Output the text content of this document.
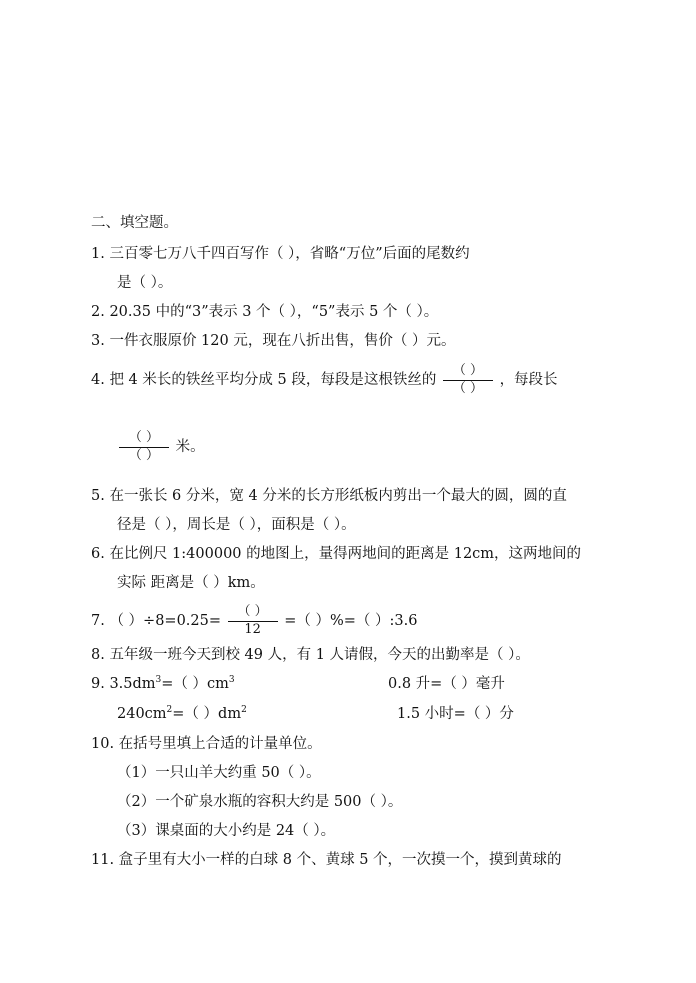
二、填空题。
1. 三百零七万八千四百写作（ ），省略“万位”后面的尾数约
是（ ）。
2. 20.35 中的“3”表示 3 个（ ），“5”表示 5 个（ ）。
3. 一件衣服原价 120 元，现在八折出售，售价（ ）元。
4. 把 4 米长的铁丝平均分成 5 段，每段是这根铁丝的 $\frac{( )}{( )}$ ，每段长
$\frac{( )}{( )}$ 米。
5. 在一张长 6 分米，宽 4 分米的长方形纸板内剪出一个最大的圆，圆的直
径是（ ），周长是（ ），面积是（ ）。
6. 在比例尺 1:400000 的地图上，量得两地间的距离是 12cm，这两地间的
实际 距离是（ ）km。
7. （ ）$\div 8=0.25= \frac{( )}{12}$ =（ ）%=（ ）:3.6
8. 五年级一班今天到校 49 人，有 1 人请假，今天的出勤率是（ ）。
9. $3.5dm^3=$（ ）$cm^3$	0.8 升=（ ）毫升
$240cm^2=$（ ）$dm^2$	1.5 小时=（ ）分
10. 在括号里填上合适的计量单位。
（1）一只山羊大约重 50（ ）。
（2）一个矿泉水瓶的容积大约是 500（ ）。
（3）课桌面的大小约是 24（ ）。
11. 盒子里有大小一样的白球 8 个、黄球 5 个，一次摸一个，摸到黄球的
